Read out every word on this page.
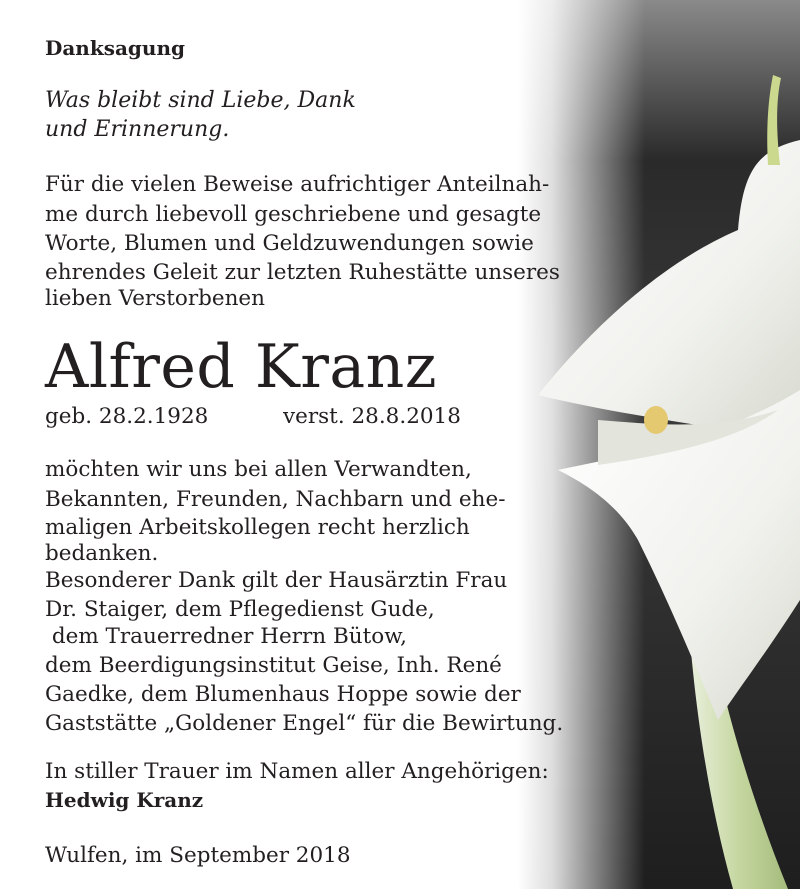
Danksagung
Was bleibt sind Liebe, Dank
und Erinnerung.
Für die vielen Beweise aufrichtiger Anteilnah-
me durch liebevoll geschriebene und gesagte
Worte, Blumen und Geldzuwendungen sowie
ehrendes Geleit zur letzten Ruhestätte unseres
lieben Verstorbenen
Alfred Kranz
geb. 28.2.1928	verst. 28.8.2018
möchten wir uns bei allen Verwandten,
Bekannten, Freunden, Nachbarn und ehe-
maligen Arbeitskollegen recht herzlich
bedanken.
Besonderer Dank gilt der Hausärztin Frau
Dr. Staiger, dem Pflegedienst Gude,
dem Trauerredner Herrn Bütow,
dem Beerdigungsinstitut Geise, Inh. René
Gaedke, dem Blumenhaus Hoppe sowie der
Gaststätte „Goldener Engel“ für die Bewirtung.
In stiller Trauer im Namen aller Angehörigen:
Hedwig Kranz
Wulfen, im September 2018
